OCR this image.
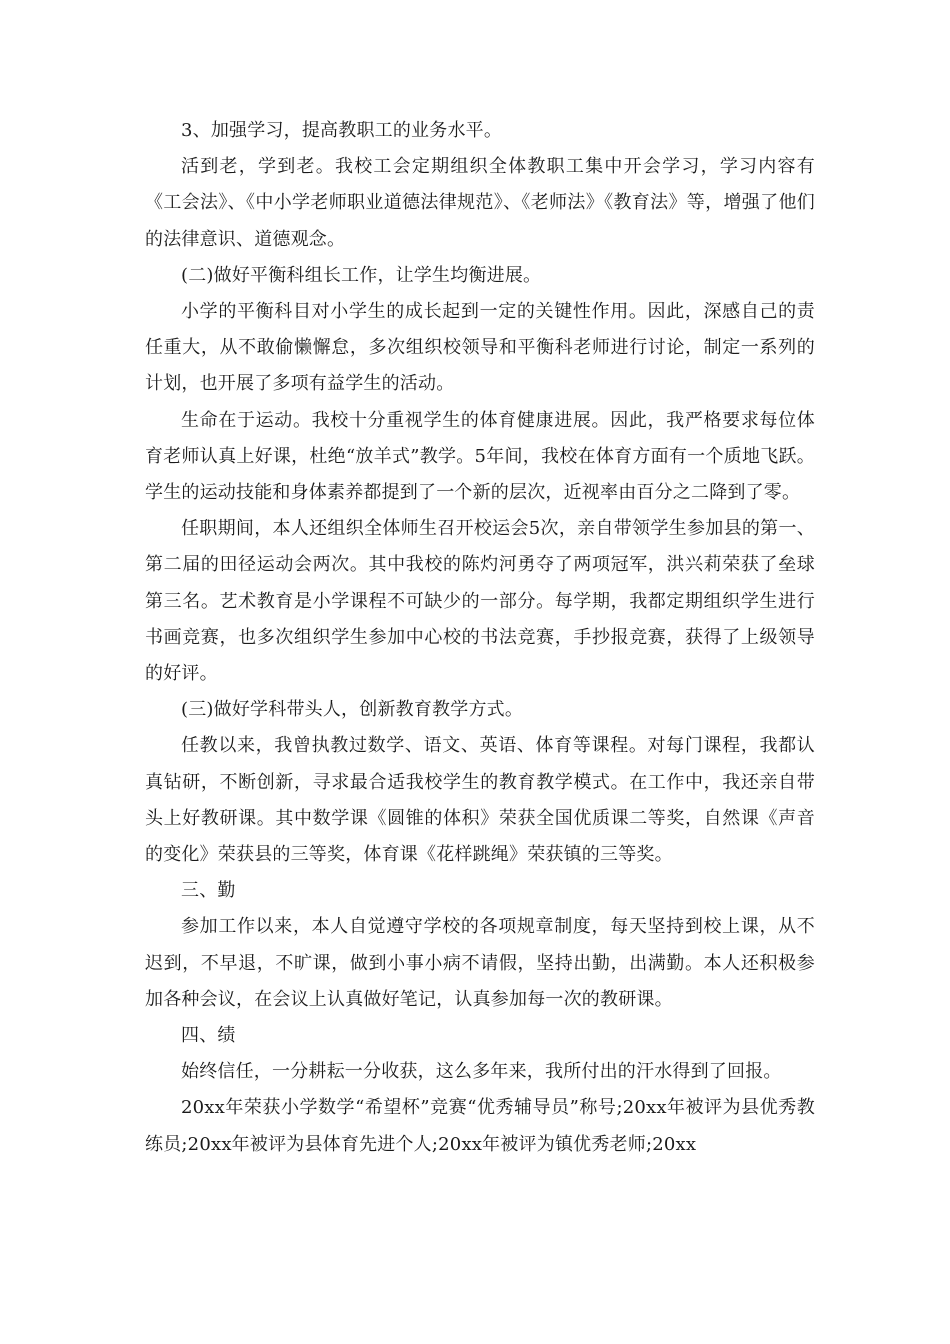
3、加强学习，提高教职工的业务水平。

活到老，学到老。我校工会定期组织全体教职工集中开会学习，学习内容有《工会法》、《中小学老师职业道德法律规范》、《老师法》《教育法》等，增强了他们的法律意识、道德观念。

(二)做好平衡科组长工作，让学生均衡进展。

小学的平衡科目对小学生的成长起到一定的关键性作用。因此，深感自己的责任重大，从不敢偷懒懈怠，多次组织校领导和平衡科老师进行讨论，制定一系列的计划，也开展了多项有益学生的活动。

生命在于运动。我校十分重视学生的体育健康进展。因此，我严格要求每位体育老师认真上好课，杜绝“放羊式”教学。5年间，我校在体育方面有一个质地飞跃。学生的运动技能和身体素养都提到了一个新的层次，近视率由百分之二降到了零。

任职期间，本人还组织全体师生召开校运会5次，亲自带领学生参加县的第一、第二届的田径运动会两次。其中我校的陈灼河勇夺了两项冠军，洪兴莉荣获了垒球第三名。艺术教育是小学课程不可缺少的一部分。每学期，我都定期组织学生进行书画竞赛，也多次组织学生参加中心校的书法竞赛，手抄报竞赛，获得了上级领导的好评。

(三)做好学科带头人，创新教育教学方式。

任教以来，我曾执教过数学、语文、英语、体育等课程。对每门课程，我都认真钻研，不断创新，寻求最合适我校学生的教育教学模式。在工作中，我还亲自带头上好教研课。其中数学课《圆锥的体积》荣获全国优质课二等奖，自然课《声音的变化》荣获县的三等奖，体育课《花样跳绳》荣获镇的三等奖。

三、勤

参加工作以来，本人自觉遵守学校的各项规章制度，每天坚持到校上课，从不迟到，不早退，不旷课，做到小事小病不请假，坚持出勤，出满勤。本人还积极参加各种会议，在会议上认真做好笔记，认真参加每一次的教研课。

四、绩

始终信任，一分耕耘一分收获，这么多年来，我所付出的汗水得到了回报。

20xx年荣获小学数学“希望杯”竞赛“优秀辅导员”称号;20xx年被评为县优秀教练员;20xx年被评为县体育先进个人;20xx年被评为镇优秀老师;20xx
